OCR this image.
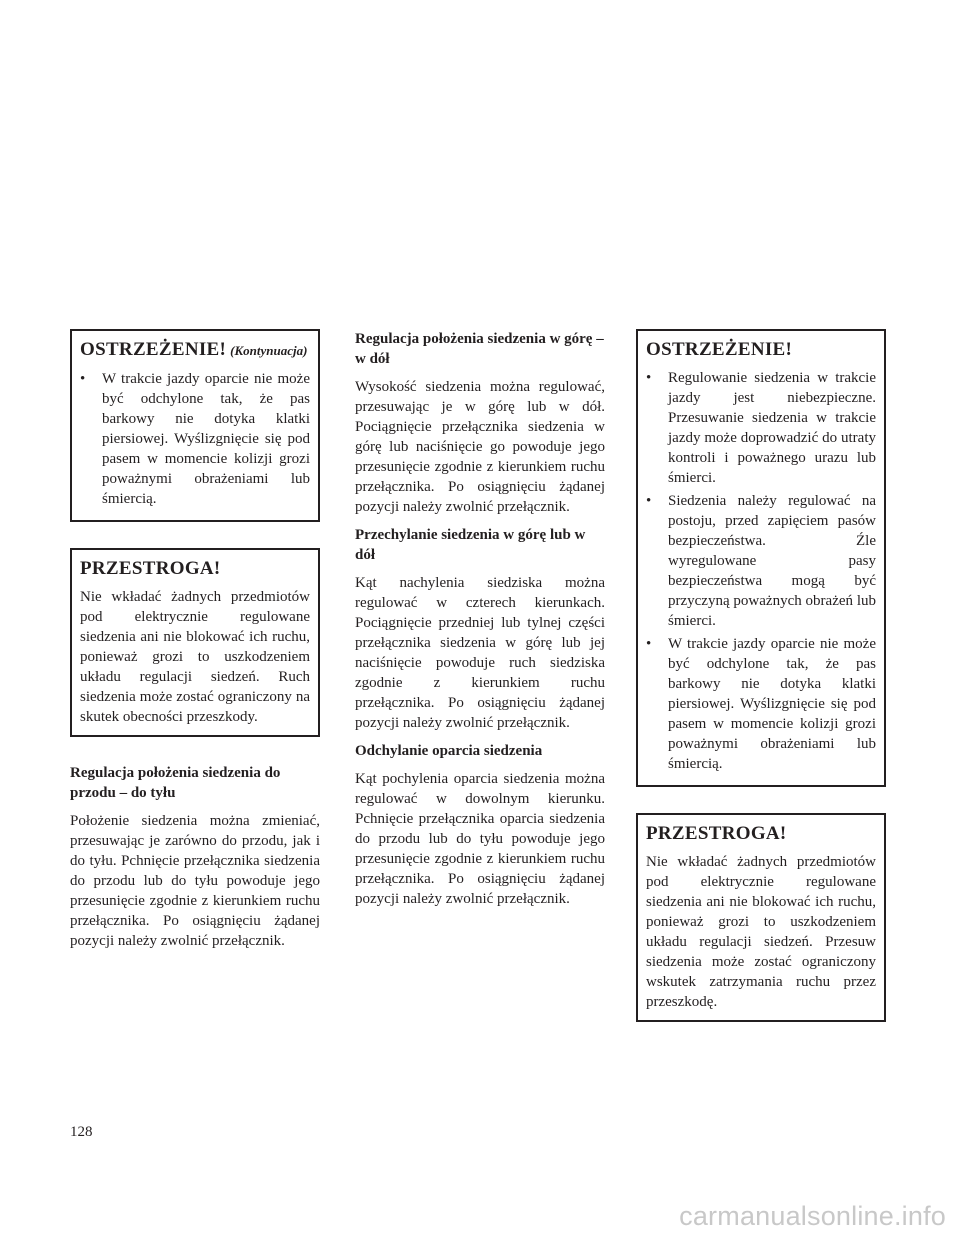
OSTRZEŻENIE! (Kontynuacja)
•	W trakcie jazdy oparcie nie może być odchylone tak, że pas barkowy nie dotyka klatki piersiowej. Wyślizgnięcie się pod pasem w momencie kolizji grozi poważnymi obrażeniami lub śmiercią.
PRZESTROGA!

Nie wkładać żadnych przedmiotów pod elektrycznie regulowane siedzenia ani nie blokować ich ruchu, ponieważ grozi to uszkodzeniem układu regulacji siedzeń. Ruch siedzenia może zostać ograniczony na skutek obecności przeszkody.

Regulacja położenia siedzenia do przodu – do tyłu

Położenie siedzenia można zmieniać, przesuwając je zarówno do przodu, jak i do tyłu. Pchnięcie przełącznika siedzenia do przodu lub do tyłu powoduje jego przesunięcie zgodnie z kierunkiem ruchu przełącznika. Po osiągnięciu żądanej pozycji należy zwolnić przełącznik.

Regulacja położenia siedzenia w górę – w dół

Wysokość siedzenia można regulować, przesuwając je w górę lub w dół. Pociągnięcie przełącznika siedzenia w górę lub naciśnięcie go powoduje jego przesunięcie zgodnie z kierunkiem ruchu przełącznika. Po osiągnięciu żądanej pozycji należy zwolnić przełącznik.

Przechylanie siedzenia w górę lub w dół

Kąt nachylenia siedziska można regulować w czterech kierunkach. Pociągnięcie przedniej lub tylnej części przełącznika siedzenia w górę lub jej naciśnięcie powoduje ruch siedziska zgodnie z kierunkiem ruchu przełącznika. Po osiągnięciu żądanej pozycji należy zwolnić przełącznik.

Odchylanie oparcia siedzenia

Kąt pochylenia oparcia siedzenia można regulować w dowolnym kierunku. Pchnięcie przełącznika oparcia siedzenia do przodu lub do tyłu powoduje jego przesunięcie zgodnie z kierunkiem ruchu przełącznika. Po osiągnięciu żądanej pozycji należy zwolnić przełącznik.

OSTRZEŻENIE!
•	Regulowanie siedzenia w trakcie jazdy jest niebezpieczne. Przesuwanie siedzenia w trakcie jazdy może doprowadzić do utraty kontroli i poważnego urazu lub śmierci.
•	Siedzenia należy regulować na postoju, przed zapięciem pasów bezpieczeństwa. Źle wyregulowane pasy bezpieczeństwa mogą być przyczyną poważnych obrażeń lub śmierci.
•	W trakcie jazdy oparcie nie może być odchylone tak, że pas barkowy nie dotyka klatki piersiowej. Wyślizgnięcie się pod pasem w momencie kolizji grozi poważnymi obrażeniami lub śmiercią.
PRZESTROGA!

Nie wkładać żadnych przedmiotów pod elektrycznie regulowane siedzenia ani nie blokować ich ruchu, ponieważ grozi to uszkodzeniem układu regulacji siedzeń. Przesuw siedzenia może zostać ograniczony wskutek zatrzymania ruchu przez przeszkodę.

128
carmanualsonline.info
